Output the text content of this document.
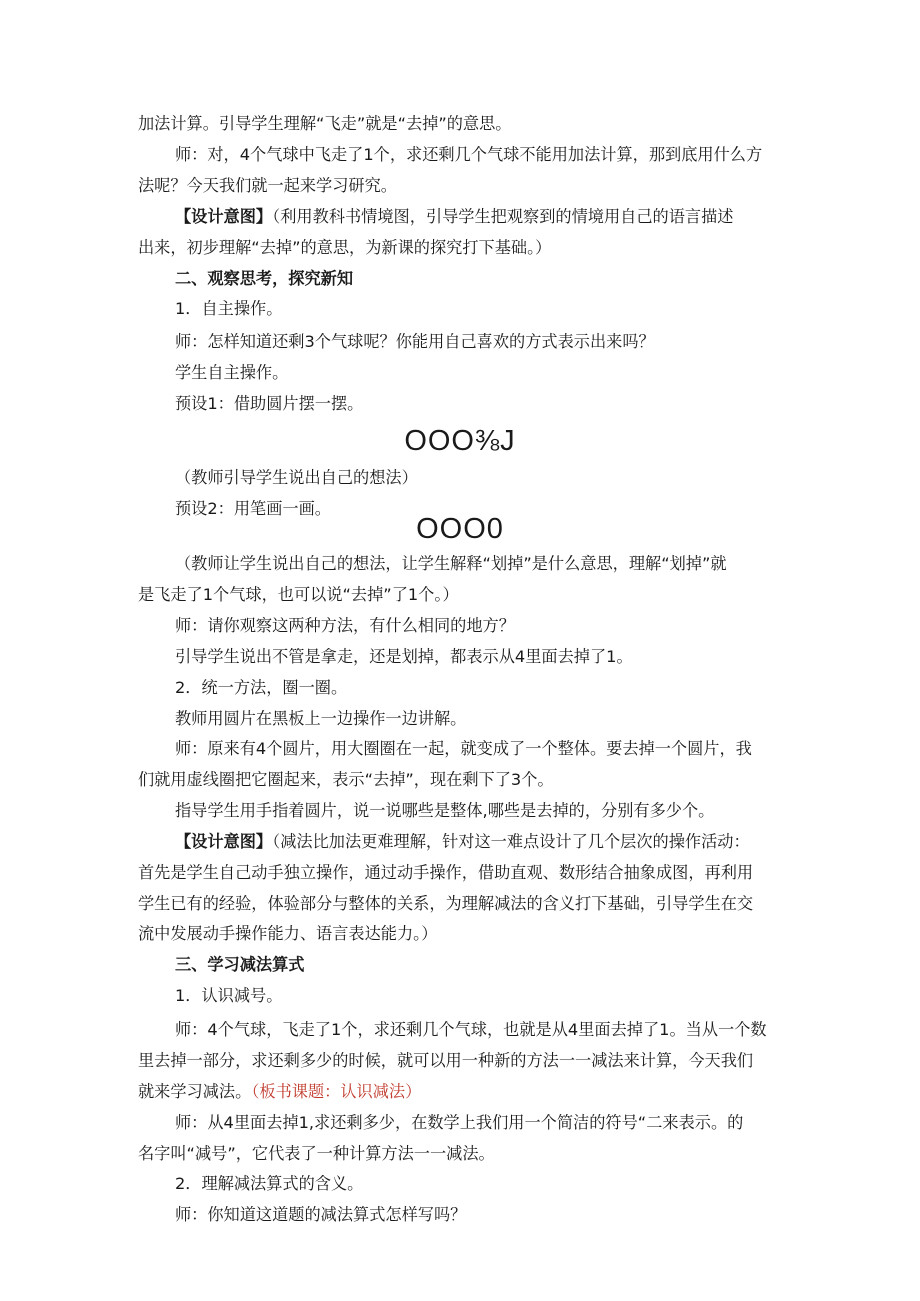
加法计算。引导学生理解“飞走”就是“去掉”的意思。
师：对，4个气球中飞走了1个，求还剩几个气球不能用加法计算，那到底用什么方
法呢？今天我们就一起来学习研究。
【设计意图】（利用教科书情境图，引导学生把观察到的情境用自己的语言描述
出来，初步理解“去掉”的意思，为新课的探究打下基础。）
二、观察思考，探究新知
1．自主操作。
师：怎样知道还剩3个气球呢？你能用自己喜欢的方式表示出来吗？
学生自主操作。
预设1：借助圆片摆一摆。
OOO⅜J
（教师引导学生说出自己的想法）
预设2：用笔画一画。
OOO0
（教师让学生说出自己的想法，让学生解释“划掉”是什么意思，理解“划掉”就
是飞走了1个气球，也可以说“去掉”了1个。）
师：请你观察这两种方法，有什么相同的地方？
引导学生说出不管是拿走，还是划掉，都表示从4里面去掉了1。
2．统一方法，圈一圈。
教师用圆片在黑板上一边操作一边讲解。
师：原来有4个圆片，用大圈圈在一起，就变成了一个整体。要去掉一个圆片，我
们就用虚线圈把它圈起来，表示“去掉”，现在剩下了3个。
指导学生用手指着圆片，说一说哪些是整体,哪些是去掉的，分别有多少个。
【设计意图】（减法比加法更难理解，针对这一难点设计了几个层次的操作活动：
首先是学生自己动手独立操作，通过动手操作，借助直观、数形结合抽象成图，再利用
学生已有的经验，体验部分与整体的关系，为理解减法的含义打下基础，引导学生在交
流中发展动手操作能力、语言表达能力。）
三、学习减法算式
1．认识减号。
师：4个气球，飞走了1个，求还剩几个气球，也就是从4里面去掉了1。当从一个数
里去掉一部分，求还剩多少的时候，就可以用一种新的方法一一减法来计算，今天我们
就来学习减法。（板书课题：认识减法）
师：从4里面去掉1,求还剩多少，在数学上我们用一个简洁的符号“二来表示。的
名字叫“减号”，它代表了一种计算方法一一减法。
2．理解减法算式的含义。
师：你知道这道题的减法算式怎样写吗？
